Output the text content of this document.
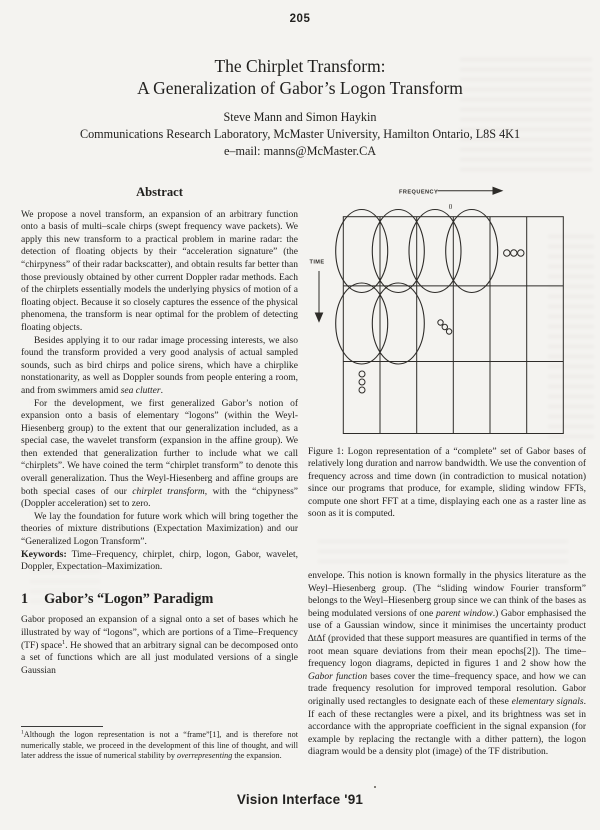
205
The Chirplet Transform:
A Generalization of Gabor’s Logon Transform
Steve Mann and Simon Haykin
Communications Research Laboratory, McMaster University, Hamilton Ontario, L8S 4K1
e–mail: manns@McMaster.CA
Abstract

We propose a novel transform, an expansion of an arbitrary function onto a basis of multi–scale chirps (swept frequency wave packets). We apply this new transform to a practical problem in marine radar: the detection of floating objects by their “acceleration signature” (the “chirpyness” of their radar backscatter), and obtain results far better than those previously obtained by other current Doppler radar methods. Each of the chirplets essentially models the underlying physics of motion of a floating object. Because it so closely captures the essence of the physical phenomena, the transform is near optimal for the problem of detecting floating objects.

Besides applying it to our radar image processing interests, we also found the transform provided a very good analysis of actual sampled sounds, such as bird chirps and police sirens, which have a chirplike nonstationarity, as well as Doppler sounds from people entering a room, and from swimmers amid sea clutter.

For the development, we first generalized Gabor’s notion of expansion onto a basis of elementary “logons” (within the Weyl-Hiesenberg group) to the extent that our generalization included, as a special case, the wavelet transform (expansion in the affine group). We then extended that generalization further to include what we call “chirplets”. We have coined the term “chirplet transform” to denote this overall generalization. Thus the Weyl-Hiesenberg and affine groups are both special cases of our chirplet transform, with the “chipyness” (Doppler acceleration) set to zero.

We lay the foundation for future work which will bring together the theories of mixture distributions (Expectation Maximization) and our “Generalized Logon Transform”.

Keywords: Time–Frequency, chirplet, chirp, logon, Gabor, wavelet, Doppler, Expectation–Maximization.

1 Gabor’s “Logon” Paradigm

Gabor proposed an expansion of a signal onto a set of bases which he illustrated by way of “logons”, which are portions of a Time–Frequency (TF) space$^1$. He showed that an arbitrary signal can be decomposed onto a set of functions which are all just modulated versions of a single Gaussian

$^1$Although the logon representation is not a “frame”[1], and is therefore not numerically stable, we proceed in the development of this line of thought, and will later address the issue of numerical stability by overrepresenting the expansion.
FREQUENCY
TIME
0
Figure 1: Logon representation of a “complete” set of Gabor bases of relatively long duration and narrow bandwidth. We use the convention of frequency across and time down (in contradiction to musical notation) since our programs that produce, for example, sliding window FFTs, compute one short FFT at a time, displaying each one as a raster line as soon as it is computed.

envelope. This notion is known formally in the physics literature as the Weyl–Hiesenberg group. (The “sliding window Fourier transform” belongs to the Weyl–Hiesenberg group since we can think of the bases as being modulated versions of one parent window.) Gabor emphasised the use of a Gaussian window, since it minimises the uncertainty product ∆t∆f (provided that these support measures are quantified in terms of the root mean square deviations from their mean epochs[2]). The time–frequency logon diagrams, depicted in figures 1 and 2 show how the Gabor function bases cover the time–frequency space, and how we can trade frequency resolution for improved temporal resolution. Gabor originally used rectangles to designate each of these elementary signals. If each of these rectangles were a pixel, and its brightness was set in accordance with the appropriate coefficient in the signal expansion (for example by replacing the rectangle with a dither pattern), the logon diagram would be a density plot (image) of the TF distribution.

Vision Interface '91
